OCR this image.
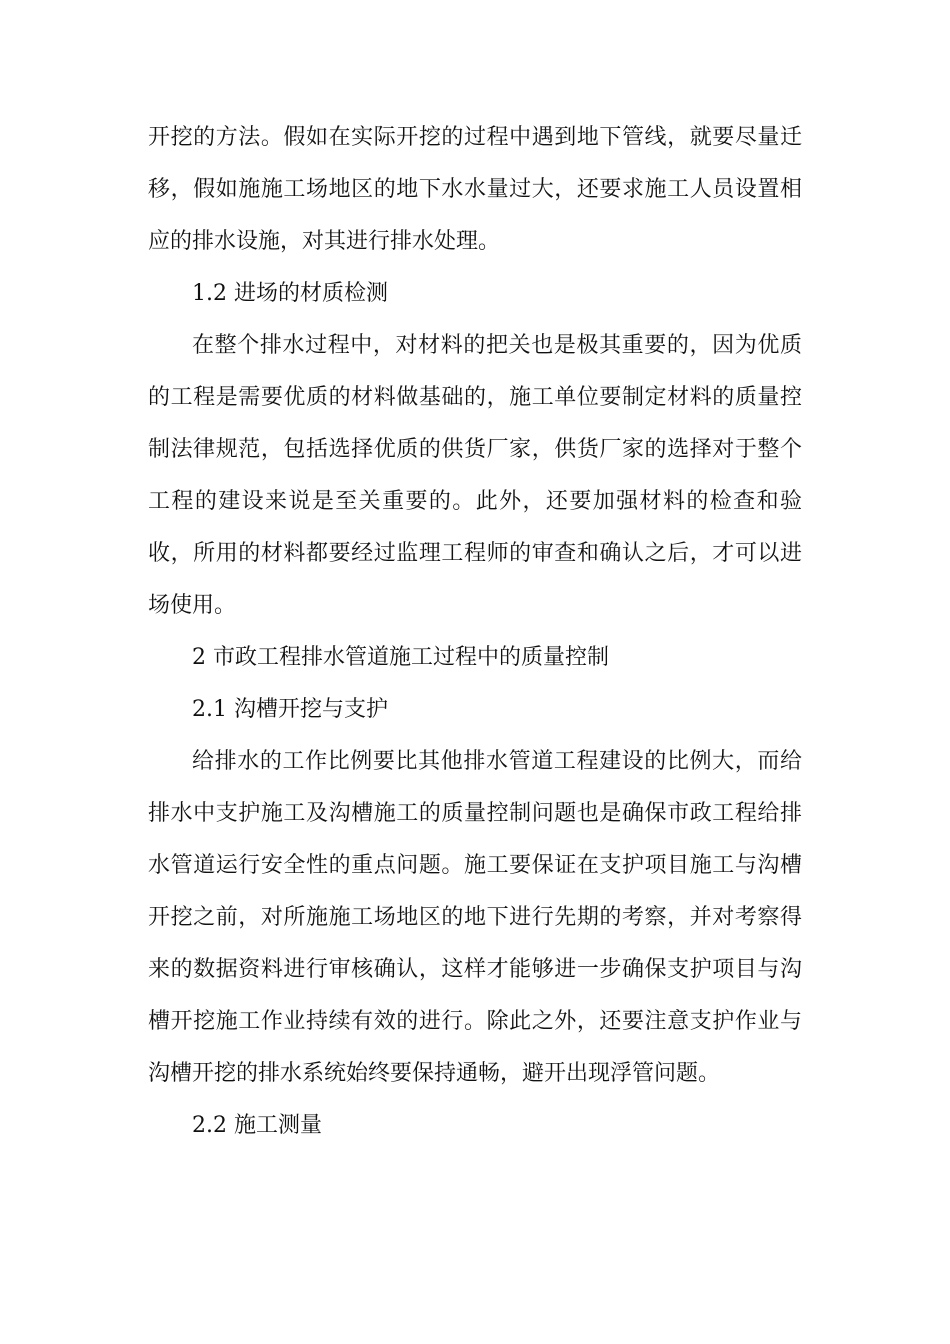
开挖的方法。假如在实际开挖的过程中遇到地下管线，就要尽量迁
移，假如施施工场地区的地下水水量过大，还要求施工人员设置相
应的排水设施，对其进行排水处理。
1.2 进场的材质检测
在整个排水过程中，对材料的把关也是极其重要的，因为优质
的工程是需要优质的材料做基础的，施工单位要制定材料的质量控
制法律规范，包括选择优质的供货厂家，供货厂家的选择对于整个
工程的建设来说是至关重要的。此外，还要加强材料的检查和验
收，所用的材料都要经过监理工程师的审查和确认之后，才可以进
场使用。
2 市政工程排水管道施工过程中的质量控制
2.1 沟槽开挖与支护
给排水的工作比例要比其他排水管道工程建设的比例大，而给
排水中支护施工及沟槽施工的质量控制问题也是确保市政工程给排
水管道运行安全性的重点问题。施工要保证在支护项目施工与沟槽
开挖之前，对所施施工场地区的地下进行先期的考察，并对考察得
来的数据资料进行审核确认，这样才能够进一步确保支护项目与沟
槽开挖施工作业持续有效的进行。除此之外，还要注意支护作业与
沟槽开挖的排水系统始终要保持通畅，避开出现浮管问题。
2.2 施工测量
